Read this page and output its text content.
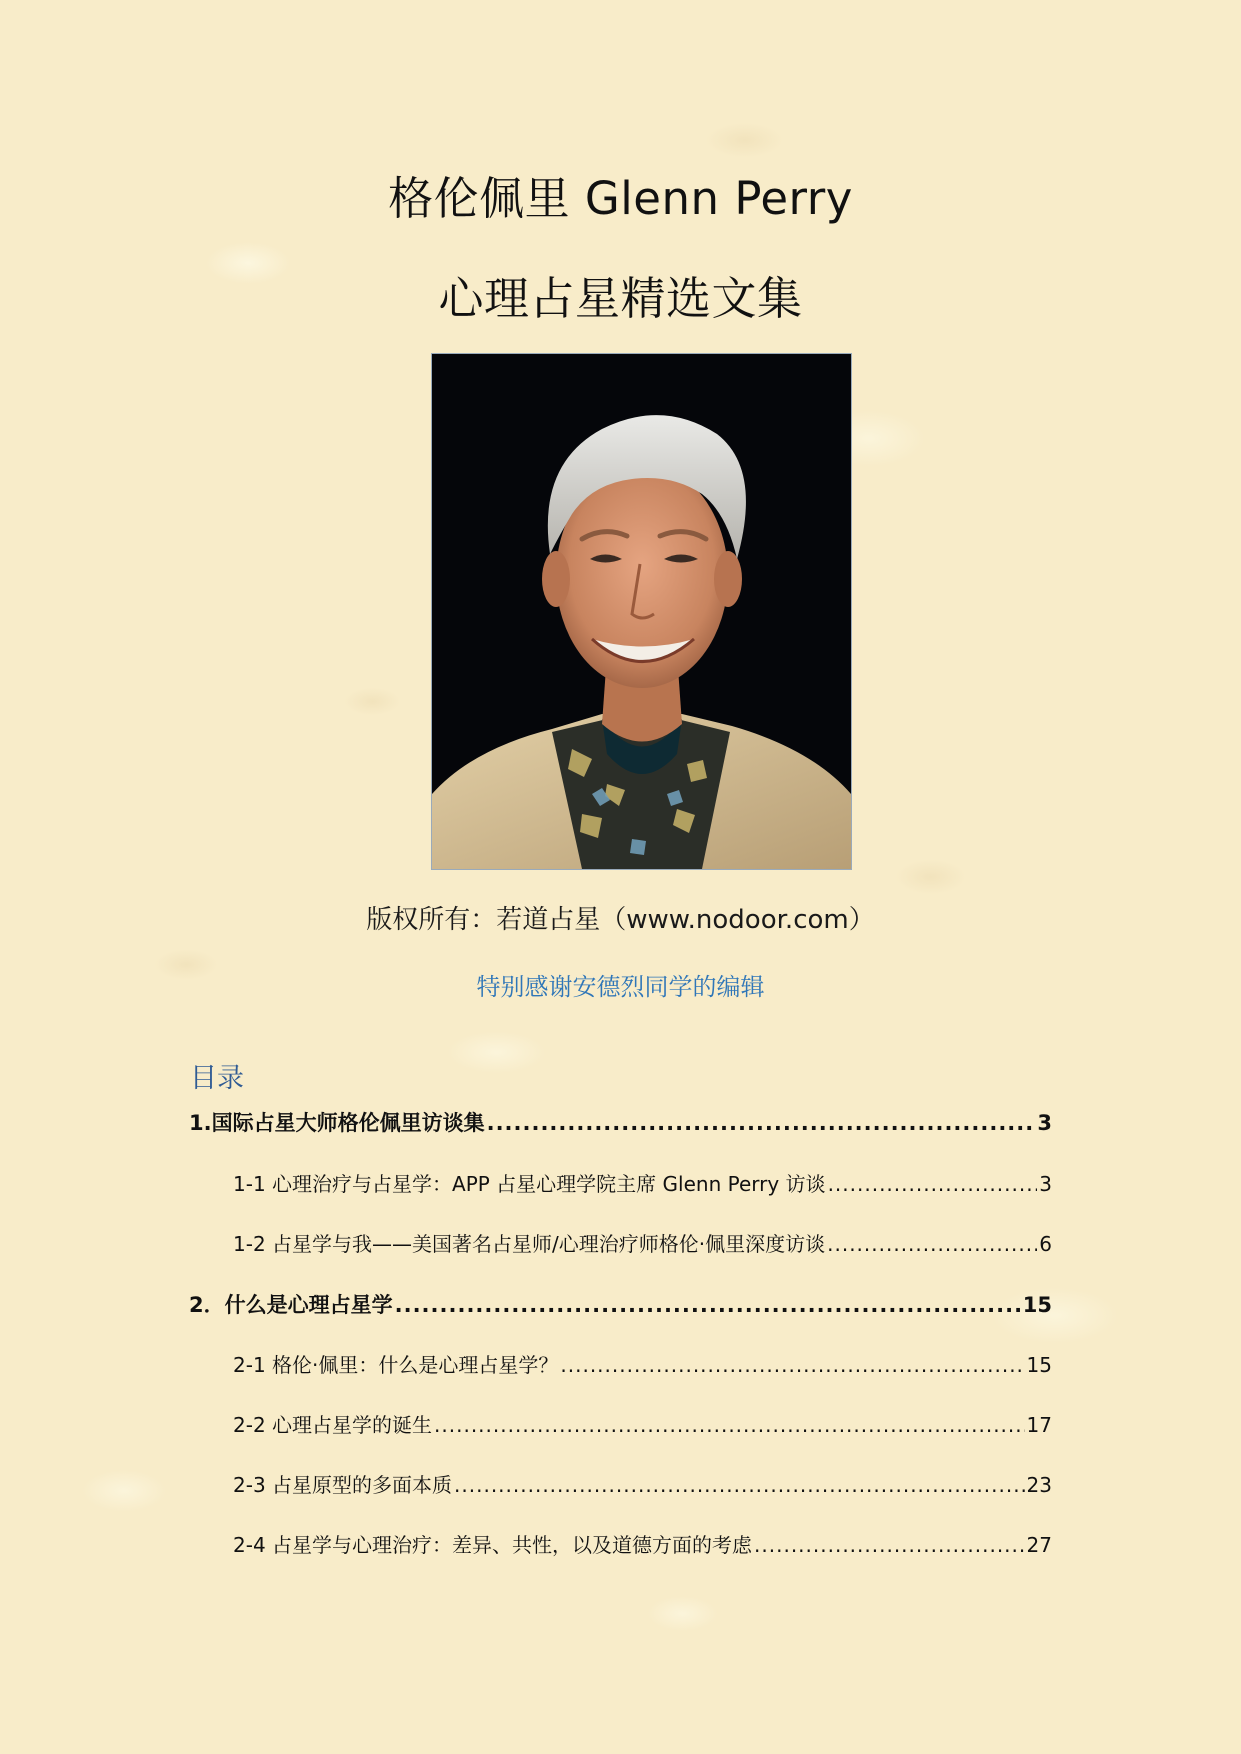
格伦佩里 Glenn Perry
心理占星精选文集
版权所有：若道占星（www.nodoor.com）
特别感谢安德烈同学的编辑
目录
1.国际占星大师格伦佩里访谈集 .....	3
1-1 心理治疗与占星学：APP 占星心理学院主席 Glenn Perry 访谈 .....	3
1-2 占星学与我——美国著名占星师/心理治疗师格伦·佩里深度访谈 .....	6
2．什么是心理占星学 .....	15
2-1 格伦·佩里：什么是心理占星学？ .....	15
2-2 心理占星学的诞生 .....	17
2-3 占星原型的多面本质 .....	23
2-4 占星学与心理治疗：差异、共性，以及道德方面的考虑 .....	27
